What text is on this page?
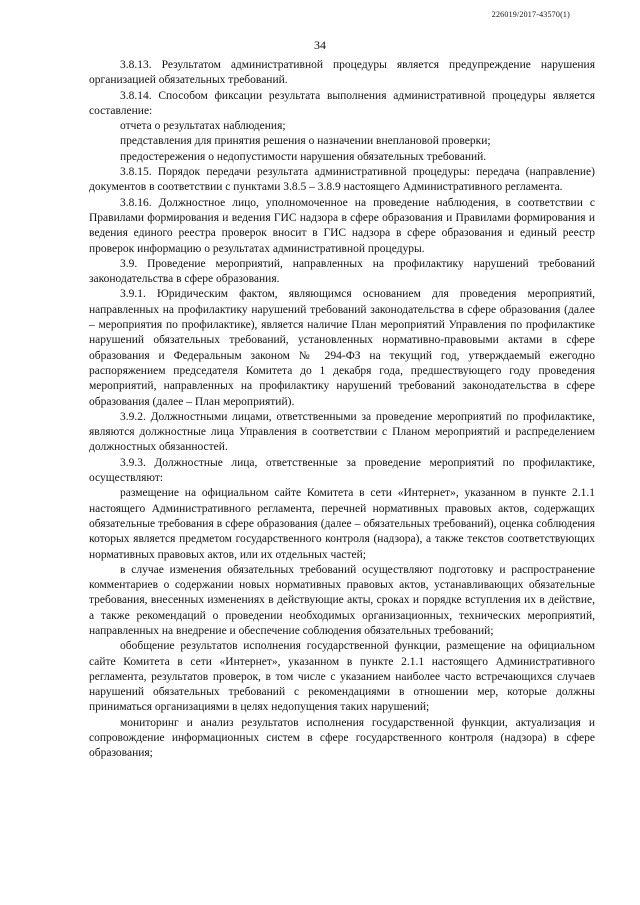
226019/2017-43570(1)
34

3.8.13. Результатом административной процедуры является предупреждение нарушения организацией обязательных требований.

3.8.14. Способом фиксации результата выполнения административной процедуры является составление:

отчета о результатах наблюдения;

представления для принятия решения о назначении внеплановой проверки;

предостережения о недопустимости нарушения обязательных требований.

3.8.15. Порядок передачи результата административной процедуры: передача (направление) документов в соответствии с пунктами 3.8.5 – 3.8.9 настоящего Административного регламента.

3.8.16. Должностное лицо, уполномоченное на проведение наблюдения, в соответствии с Правилами формирования и ведения ГИС надзора в сфере образования и Правилами формирования и ведения единого реестра проверок вносит в ГИС надзора в сфере образования и единый реестр проверок информацию о результатах административной процедуры.

3.9. Проведение мероприятий, направленных на профилактику нарушений требований законодательства в сфере образования.

3.9.1. Юридическим фактом, являющимся основанием для проведения мероприятий, направленных на профилактику нарушений требований законодательства в сфере образования (далее – мероприятия по профилактике), является наличие План мероприятий Управления по профилактике нарушений обязательных требований, установленных нормативно-правовыми актами в сфере образования и Федеральным законом № 294-ФЗ на текущий год, утверждаемый ежегодно распоряжением председателя Комитета до 1 декабря года, предшествующего году проведения мероприятий, направленных на профилактику нарушений требований законодательства в сфере образования (далее – План мероприятий).

3.9.2. Должностными лицами, ответственными за проведение мероприятий по профилактике, являются должностные лица Управления в соответствии с Планом мероприятий и распределением должностных обязанностей.

3.9.3. Должностные лица, ответственные за проведение мероприятий по профилактике, осуществляют:

размещение на официальном сайте Комитета в сети «Интернет», указанном в пункте 2.1.1 настоящего Административного регламента, перечней нормативных правовых актов, содержащих обязательные требования в сфере образования (далее – обязательных требований), оценка соблюдения которых является предметом государственного контроля (надзора), а также текстов соответствующих нормативных правовых актов, или их отдельных частей;

в случае изменения обязательных требований осуществляют подготовку и распространение комментариев о содержании новых нормативных правовых актов, устанавливающих обязательные требования, внесенных изменениях в действующие акты, сроках и порядке вступления их в действие, а также рекомендаций о проведении необходимых организационных, технических мероприятий, направленных на внедрение и обеспечение соблюдения обязательных требований;

обобщение результатов исполнения государственной функции, размещение на официальном сайте Комитета в сети «Интернет», указанном в пункте 2.1.1 настоящего Административного регламента, результатов проверок, в том числе с указанием наиболее часто встречающихся случаев нарушений обязательных требований с рекомендациями в отношении мер, которые должны приниматься организациями в целях недопущения таких нарушений;

мониторинг и анализ результатов исполнения государственной функции, актуализация и сопровождение информационных систем в сфере государственного контроля (надзора) в сфере образования;
